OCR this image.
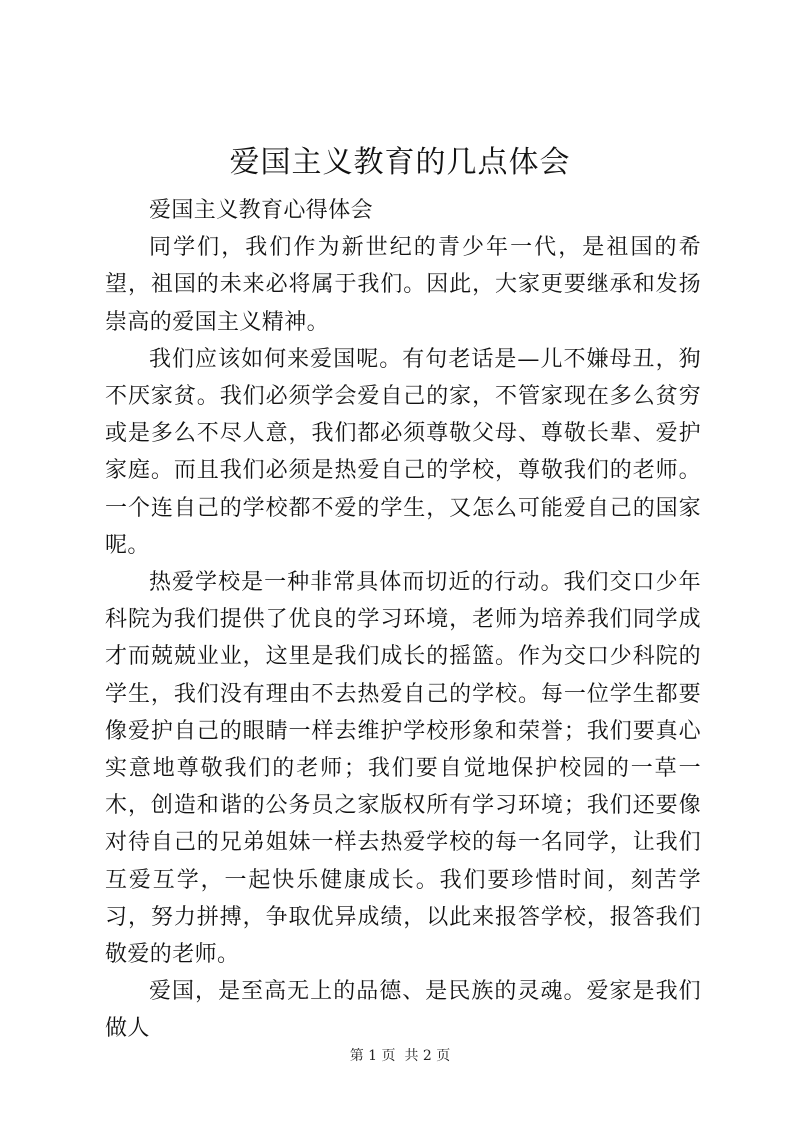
爱国主义教育的几点体会

爱国主义教育心得体会

同学们，我们作为新世纪的青少年一代，是祖国的希望，祖国的未来必将属于我们。因此，大家更要继承和发扬崇高的爱国主义精神。

我们应该如何来爱国呢。有句老话是—儿不嫌母丑，狗不厌家贫。我们必须学会爱自己的家，不管家现在多么贫穷或是多么不尽人意，我们都必须尊敬父母、尊敬长辈、爱护家庭。而且我们必须是热爱自己的学校，尊敬我们的老师。一个连自己的学校都不爱的学生，又怎么可能爱自己的国家呢。

热爱学校是一种非常具体而切近的行动。我们交口少年科院为我们提供了优良的学习环境，老师为培养我们同学成才而兢兢业业，这里是我们成长的摇篮。作为交口少科院的学生，我们没有理由不去热爱自己的学校。每一位学生都要像爱护自己的眼睛一样去维护学校形象和荣誉；我们要真心实意地尊敬我们的老师；我们要自觉地保护校园的一草一木，创造和谐的公务员之家版权所有学习环境；我们还要像对待自己的兄弟姐妹一样去热爱学校的每一名同学，让我们互爱互学，一起快乐健康成长。我们要珍惜时间，刻苦学习，努力拼搏，争取优异成绩，以此来报答学校，报答我们敬爱的老师。

爱国，是至高无上的品德、是民族的灵魂。爱家是我们做人

第 1 页  共 2 页
